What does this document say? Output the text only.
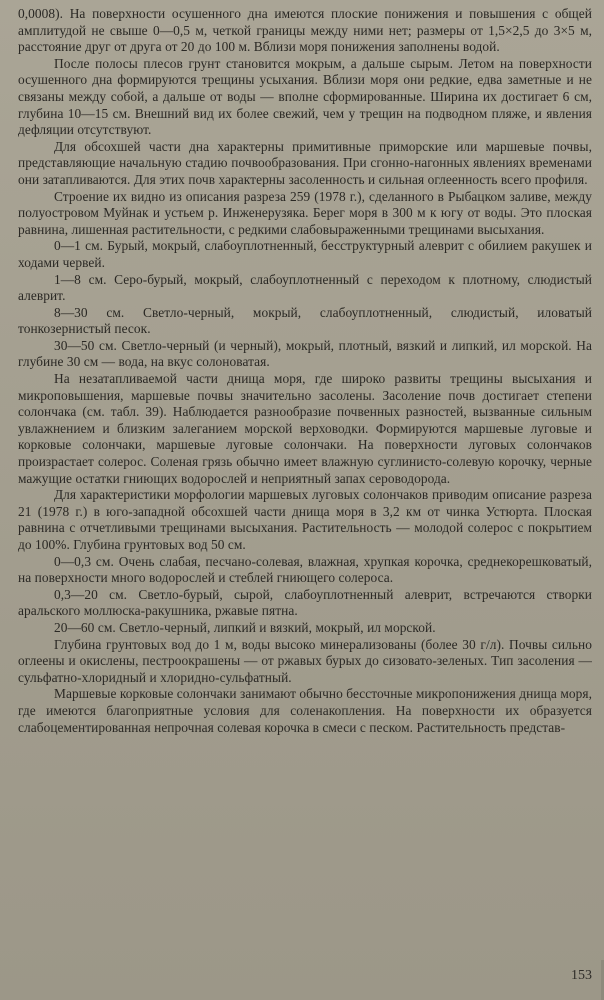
0,0008). На поверхности осушенного дна имеются плоские понижения и повышения с общей амплитудой не свыше 0—0,5 м, четкой границы между ними нет; размеры от 1,5×2,5 до 3×5 м, расстояние друг от друга от 20 до 100 м. Вблизи моря понижения заполнены водой.

После полосы плесов грунт становится мокрым, а дальше сырым. Летом на поверхности осушенного дна формируются трещины усыхания. Вблизи моря они редкие, едва заметные и не связаны между собой, а дальше от воды — вполне сформированные. Ширина их достигает 6 см, глубина 10—15 см. Внешний вид их более свежий, чем у трещин на подводном пляже, и явления дефляции отсутствуют.

Для обсохшей части дна характерны примитивные приморские или маршевые почвы, представляющие начальную стадию почвообразования. При сгонно-нагонных явлениях временами они затапливаются. Для этих почв характерны засоленность и сильная оглеенность всего профиля.

Строение их видно из описания разреза 259 (1978 г.), сделанного в Рыбацком заливе, между полуостровом Муйнак и устьем р. Инженерузяка. Берег моря в 300 м к югу от воды. Это плоская равнина, лишенная растительности, с редкими слабовыраженными трещинами высыхания.

0—1 см. Бурый, мокрый, слабоуплотненный, бесструктурный алеврит с обилием ракушек и ходами червей.

1—8 см. Серо-бурый, мокрый, слабоуплотненный с переходом к плотному, слюдистый алеврит.

8—30 см. Светло-черный, мокрый, слабоуплотненный, слюдистый, иловатый тонкозернистый песок.

30—50 см. Светло-черный (и черный), мокрый, плотный, вязкий и липкий, ил морской. На глубине 30 см — вода, на вкус солоноватая.

На незатапливаемой части днища моря, где широко развиты трещины высыхания и микроповышения, маршевые почвы значительно засолены. Засоление почв достигает степени солончака (см. табл. 39). Наблюдается разнообразие почвенных разностей, вызванные сильным увлажнением и близким залеганием морской верховодки. Формируются маршевые луговые и корковые солончаки, маршевые луговые солончаки. На поверхности луговых солончаков произрастает солерос. Соленая грязь обычно имеет влажную суглинисто-солевую корочку, черные мажущие остатки гниющих водорослей и неприятный запах сероводорода.

Для характеристики морфологии маршевых луговых солончаков приводим описание разреза 21 (1978 г.) в юго-западной обсохшей части днища моря в 3,2 км от чинка Устюрта. Плоская равнина с отчетливыми трещинами высыхания. Растительность — молодой солерос с покрытием до 100%. Глубина грунтовых вод 50 см.

0—0,3 см. Очень слабая, песчано-солевая, влажная, хрупкая корочка, среднекорешковатый, на поверхности много водорослей и стеблей гниющего солероса.

0,3—20 см. Светло-бурый, сырой, слабоуплотненный алеврит, встречаются створки аральского моллюска-ракушника, ржавые пятна.

20—60 см. Светло-черный, липкий и вязкий, мокрый, ил морской.

Глубина грунтовых вод до 1 м, воды высоко минерализованы (более 30 г/л). Почвы сильно оглеены и окислены, пестроокрашены — от ржавых бурых до сизовато-зеленых. Тип засоления — сульфатно-хлоридный и хлоридно-сульфатный.

Маршевые корковые солончаки занимают обычно бессточные микропонижения днища моря, где имеются благоприятные условия для соленакопления. На поверхности их образуется слабоцементированная непрочная солевая корочка в смеси с песком. Растительность представ-

153
